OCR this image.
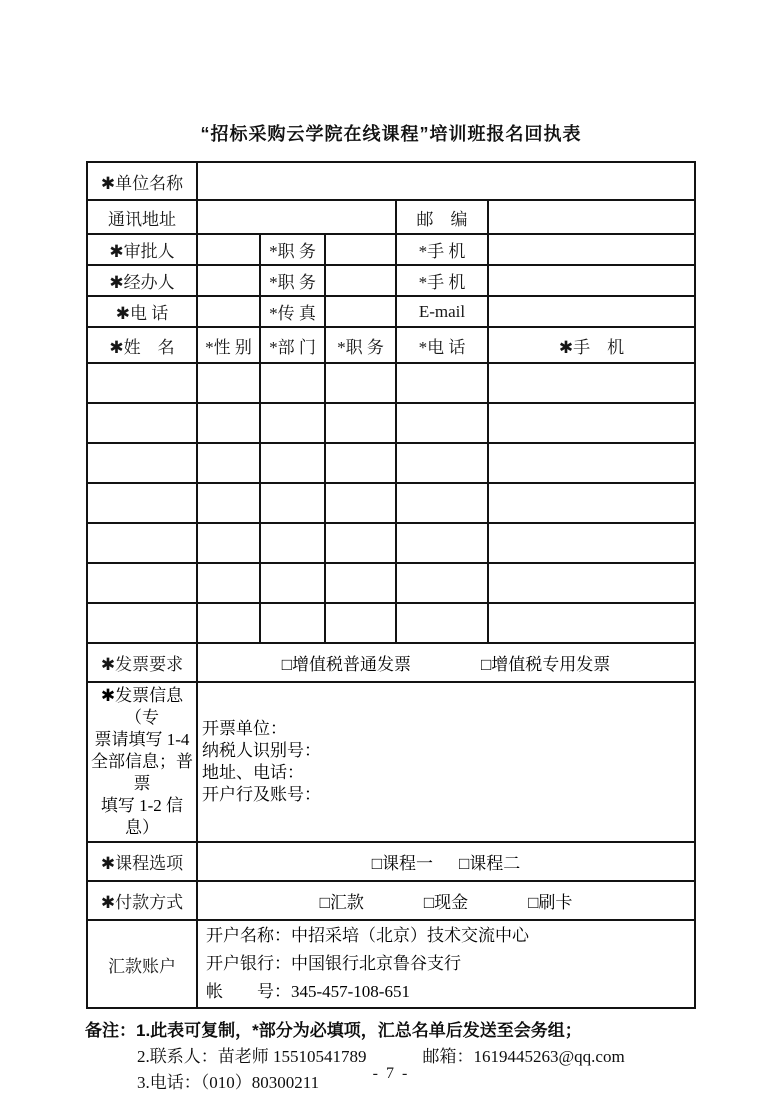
“招标采购云学院在线课程”培训班报名回执表
✱单位名称					
通讯地址				邮　编	
✱审批人		*职 务		*手 机	
✱经办人		*职 务		*手 机	
✱电 话		*传 真		E-mail	
✱姓　名	*性 别	*部 门	*职 务	*电 话	✱手　机

✱发票要求	□增值税普通发票 □增值税专用发票				

✱发票信息（专
票请填写 1-4
全部信息；普票
填写 1-2 信息）

开票单位：
纳税人识别号：
地址、电话：
开户行及账号：

✱课程选项	□课程一 □课程二				

✱付款方式	□汇款 □现金 □刷卡				

汇款账户	开户名称：中招采培（北京）技术交流中心
开户银行：中国银行北京鲁谷支行
帐　　号：345-457-108-651				
备注：1.此表可复制，*部分为必填项，汇总名单后发送至会务组；
2.联系人：苗老师 15510541789	邮箱：1619445263@qq.com
3.电话：（010）80300211	- 7 -
